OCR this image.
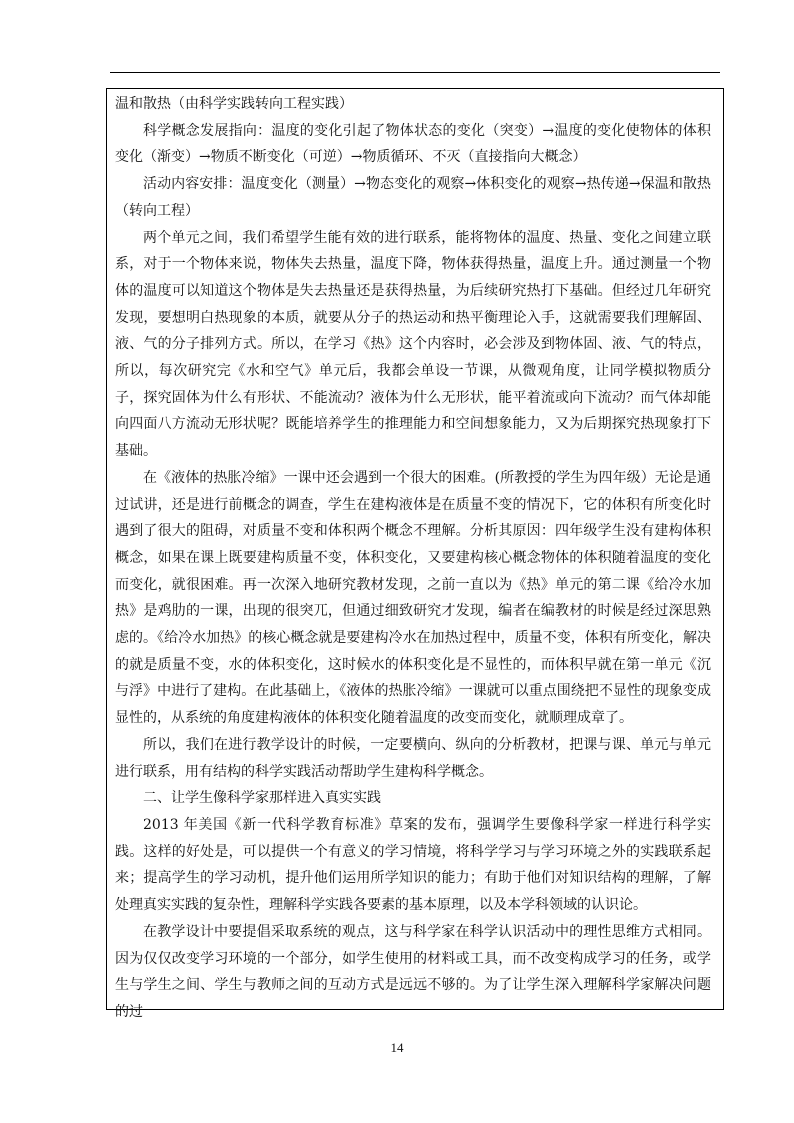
温和散热（由科学实践转向工程实践）

科学概念发展指向：温度的变化引起了物体状态的变化（突变）→温度的变化使物体的体积变化（渐变）→物质不断变化（可逆）→物质循环、不灭（直接指向大概念）

活动内容安排：温度变化（测量）→物态变化的观察→体积变化的观察→热传递→保温和散热（转向工程）

两个单元之间，我们希望学生能有效的进行联系，能将物体的温度、热量、变化之间建立联系，对于一个物体来说，物体失去热量，温度下降，物体获得热量，温度上升。通过测量一个物体的温度可以知道这个物体是失去热量还是获得热量，为后续研究热打下基础。但经过几年研究发现，要想明白热现象的本质，就要从分子的热运动和热平衡理论入手，这就需要我们理解固、液、气的分子排列方式。所以，在学习《热》这个内容时，必会涉及到物体固、液、气的特点，所以，每次研究完《水和空气》单元后，我都会单设一节课，从微观角度，让同学模拟物质分子，探究固体为什么有形状、不能流动？液体为什么无形状，能平着流或向下流动？而气体却能向四面八方流动无形状呢？既能培养学生的推理能力和空间想象能力，又为后期探究热现象打下基础。

在《液体的热胀冷缩》一课中还会遇到一个很大的困难。(所教授的学生为四年级）无论是通过试讲，还是进行前概念的调查，学生在建构液体是在质量不变的情况下，它的体积有所变化时遇到了很大的阻碍，对质量不变和体积两个概念不理解。分析其原因：四年级学生没有建构体积概念，如果在课上既要建构质量不变，体积变化，又要建构核心概念物体的体积随着温度的变化而变化，就很困难。再一次深入地研究教材发现，之前一直以为《热》单元的第二课《给冷水加热》是鸡肋的一课，出现的很突兀，但通过细致研究才发现，编者在编教材的时候是经过深思熟虑的。《给冷水加热》的核心概念就是要建构冷水在加热过程中，质量不变，体积有所变化，解决的就是质量不变，水的体积变化，这时候水的体积变化是不显性的，而体积早就在第一单元《沉与浮》中进行了建构。在此基础上，《液体的热胀冷缩》一课就可以重点围绕把不显性的现象变成显性的，从系统的角度建构液体的体积变化随着温度的改变而变化，就顺理成章了。

所以，我们在进行教学设计的时候，一定要横向、纵向的分析教材，把课与课、单元与单元进行联系，用有结构的科学实践活动帮助学生建构科学概念。

二、让学生像科学家那样进入真实实践

2013 年美国《新一代科学教育标准》草案的发布，强调学生要像科学家一样进行科学实践。这样的好处是，可以提供一个有意义的学习情境，将科学学习与学习环境之外的实践联系起来；提高学生的学习动机，提升他们运用所学知识的能力；有助于他们对知识结构的理解，了解处理真实实践的复杂性，理解科学实践各要素的基本原理，以及本学科领域的认识论。

在教学设计中要提倡采取系统的观点，这与科学家在科学认识活动中的理性思维方式相同。因为仅仅改变学习环境的一个部分，如学生使用的材料或工具，而不改变构成学习的任务，或学生与学生之间、学生与教师之间的互动方式是远远不够的。为了让学生深入理解科学家解决问题的过

14
